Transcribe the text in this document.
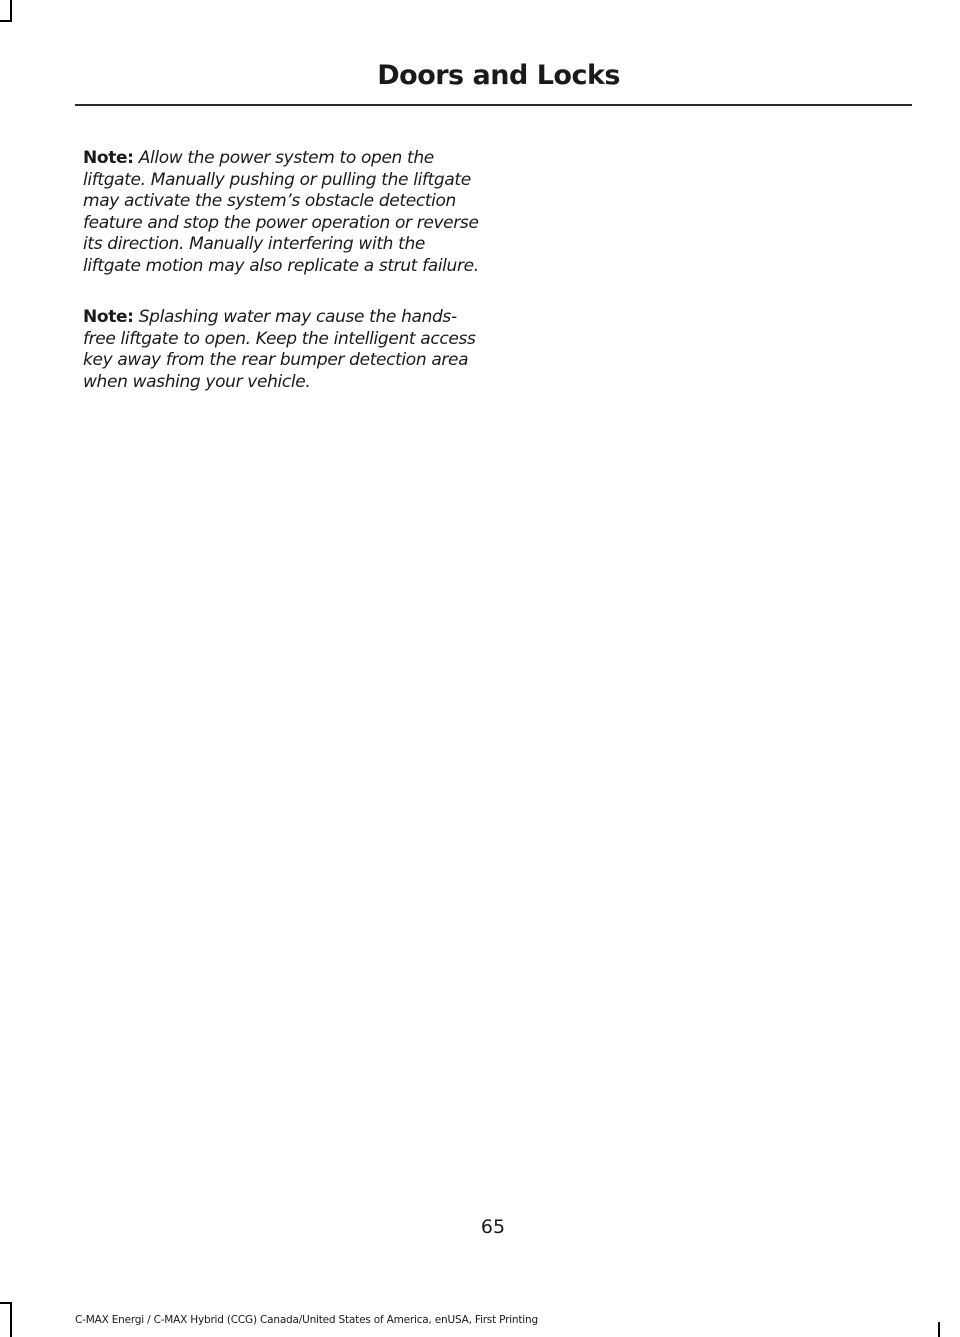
Doors and Locks

Note: Allow the power system to open the liftgate. Manually pushing or pulling the liftgate may activate the system’s obstacle detection feature and stop the power operation or reverse its direction. Manually interfering with the liftgate motion may also replicate a strut failure.

Note: Splashing water may cause the hands-free liftgate to open. Keep the intelligent access key away from the rear bumper detection area when washing your vehicle.

65
C-MAX Energi / C-MAX Hybrid (CCG) Canada/United States of America, enUSA, First Printing
